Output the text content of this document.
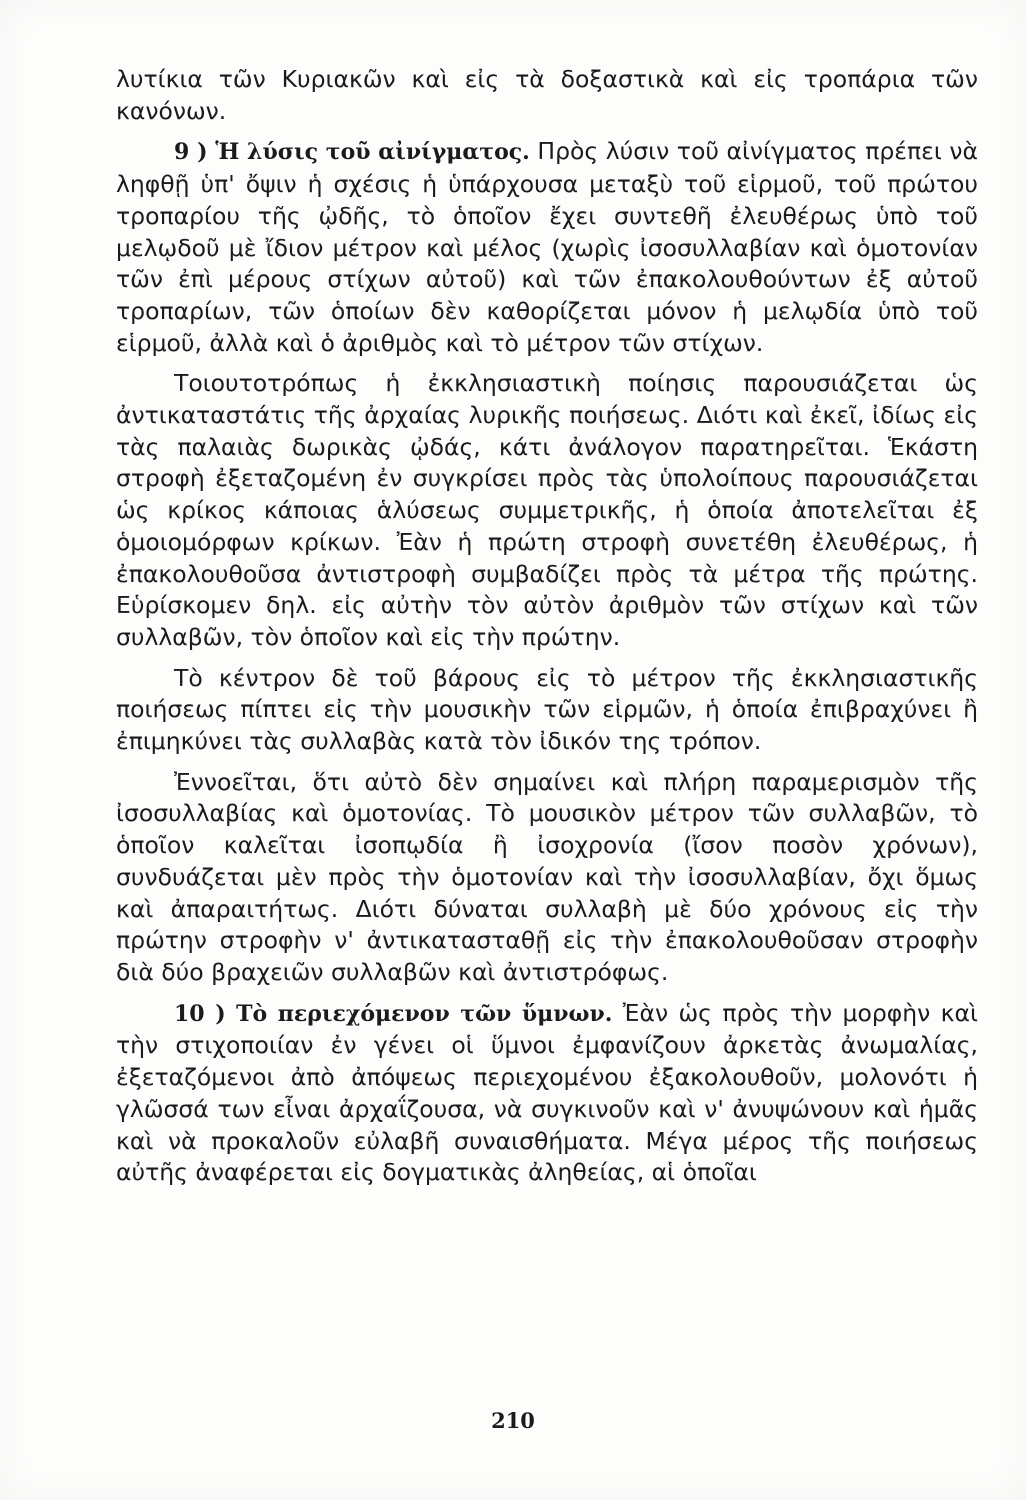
λυτίκια τῶν Κυριακῶν καὶ εἰς τὰ δοξαστικὰ καὶ εἰς τροπάρια τῶν κανόνων.

9 ) Ἡ λύσις τοῦ αἰνίγματος. Πρὸς λύσιν τοῦ αἰνίγματος πρέπει νὰ ληφθῇ ὑπ' ὄψιν ἡ σχέσις ἡ ὑπάρχουσα μεταξὺ τοῦ εἱρμοῦ, τοῦ πρώτου τροπαρίου τῆς ᾠδῆς, τὸ ὁποῖον ἔχει συντεθῆ ἐλευθέρως ὑπὸ τοῦ μελῳδοῦ μὲ ἴδιον μέτρον καὶ μέλος (χωρὶς ἰσοσυλλαβίαν καὶ ὁμοτονίαν τῶν ἐπὶ μέρους στίχων αὐτοῦ) καὶ τῶν ἐπακολουθούντων ἐξ αὐτοῦ τροπαρίων, τῶν ὁποίων δὲν καθορίζεται μόνον ἡ μελῳδία ὑπὸ τοῦ εἱρμοῦ, ἀλλὰ καὶ ὁ ἀριθμὸς καὶ τὸ μέτρον τῶν στίχων.

Τοιουτοτρόπως ἡ ἐκκλησιαστικὴ ποίησις παρουσιάζεται ὡς ἀντικαταστάτις τῆς ἀρχαίας λυρικῆς ποιήσεως. Διότι καὶ ἐκεῖ, ἰδίως εἰς τὰς παλαιὰς δωρικὰς ᾠδάς, κάτι ἀνάλογον παρατηρεῖται. Ἑκάστη στροφὴ ἐξεταζομένη ἐν συγκρίσει πρὸς τὰς ὑπολοίπους παρουσιάζεται ὡς κρίκος κάποιας ἁλύσεως συμμετρικῆς, ἡ ὁποία ἀποτελεῖται ἐξ ὁμοιομόρφων κρίκων. Ἐὰν ἡ πρώτη στροφὴ συνετέθη ἐλευθέρως, ἡ ἐπακολουθοῦσα ἀντιστροφὴ συμβαδίζει πρὸς τὰ μέτρα τῆς πρώτης. Εὑρίσκομεν δηλ. εἰς αὐτὴν τὸν αὐτὸν ἀριθμὸν τῶν στίχων καὶ τῶν συλλαβῶν, τὸν ὁποῖον καὶ εἰς τὴν πρώτην.

Τὸ κέντρον δὲ τοῦ βάρους εἰς τὸ μέτρον τῆς ἐκκλησιαστικῆς ποιήσεως πίπτει εἰς τὴν μουσικὴν τῶν εἱρμῶν, ἡ ὁποία ἐπιβραχύνει ἢ ἐπιμηκύνει τὰς συλλαβὰς κατὰ τὸν ἰδικόν της τρόπον.

Ἐννοεῖται, ὅτι αὐτὸ δὲν σημαίνει καὶ πλήρη παραμερισμὸν τῆς ἰσοσυλλαβίας καὶ ὁμοτονίας. Τὸ μουσικὸν μέτρον τῶν συλλαβῶν, τὸ ὁποῖον καλεῖται ἰσοπῳδία ἢ ἰσοχρονία (ἴσον ποσὸν χρόνων), συνδυάζεται μὲν πρὸς τὴν ὁμοτονίαν καὶ τὴν ἰσοσυλλαβίαν, ὄχι ὅμως καὶ ἀπαραιτήτως. Διότι δύναται συλλαβὴ μὲ δύο χρόνους εἰς τὴν πρώτην στροφὴν ν' ἀντικατασταθῇ εἰς τὴν ἐπακολουθοῦσαν στροφὴν διὰ δύο βραχειῶν συλλαβῶν καὶ ἀντιστρόφως.

10 ) Τὸ περιεχόμενον τῶν ὕμνων. Ἐὰν ὡς πρὸς τὴν μορφὴν καὶ τὴν στιχοποιίαν ἐν γένει οἱ ὕμνοι ἐμφανίζουν ἀρκετὰς ἀνωμαλίας, ἐξεταζόμενοι ἀπὸ ἀπόψεως περιεχομένου ἐξακολουθοῦν, μολονότι ἡ γλῶσσά των εἶναι ἀρχαΐζουσα, νὰ συγκινοῦν καὶ ν' ἀνυψώνουν καὶ ἡμᾶς καὶ νὰ προκαλοῦν εὐλαβῆ συναισθήματα. Μέγα μέρος τῆς ποιήσεως αὐτῆς ἀναφέρεται εἰς δογματικὰς ἀληθείας, αἱ ὁποῖαι

210
